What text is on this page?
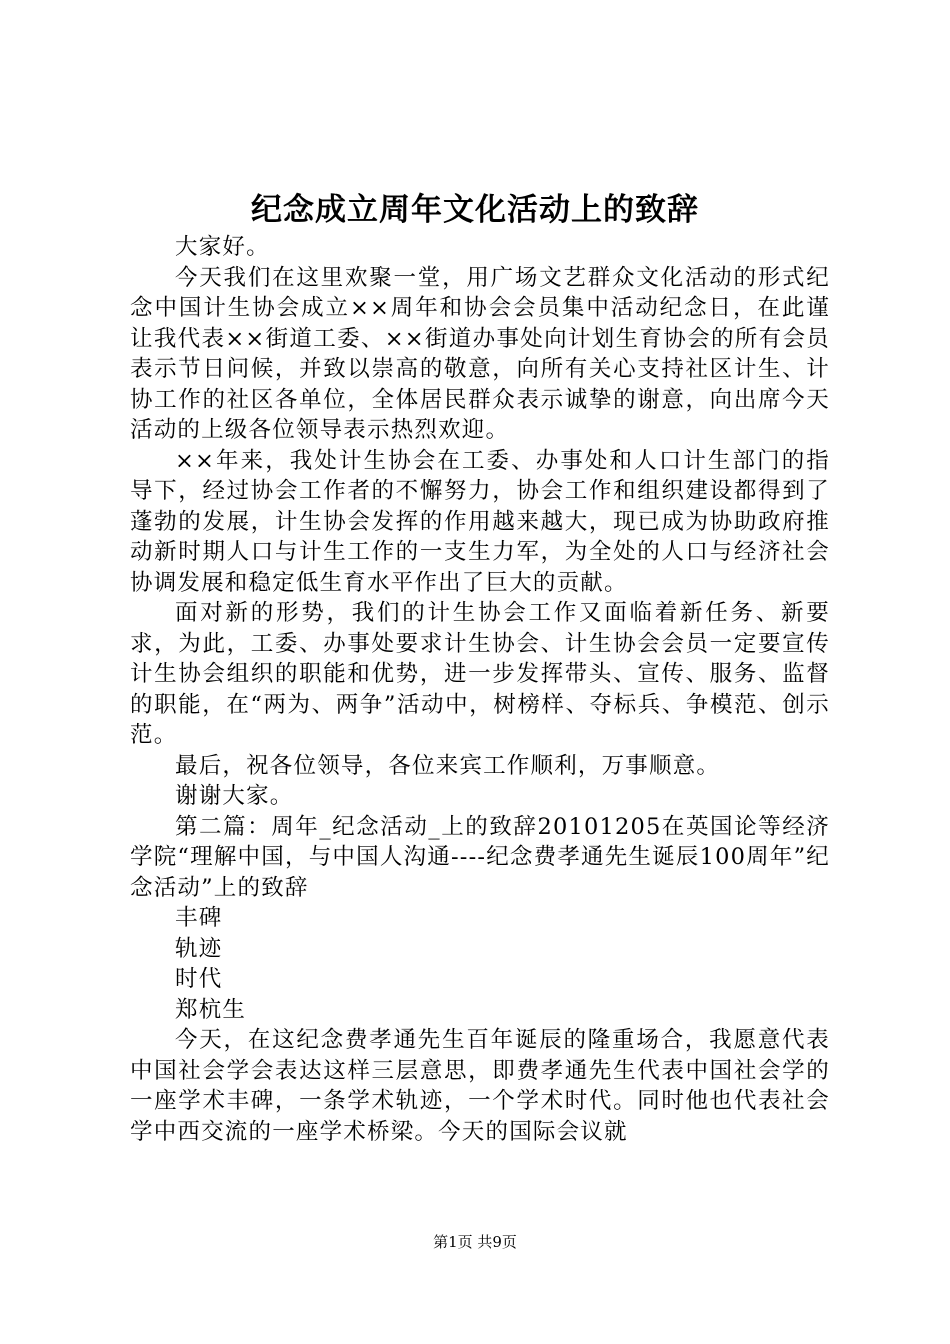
纪念成立周年文化活动上的致辞

大家好。

今天我们在这里欢聚一堂，用广场文艺群众文化活动的形式纪念中国计生协会成立××周年和协会会员集中活动纪念日，在此谨让我代表××街道工委、××街道办事处向计划生育协会的所有会员表示节日问候，并致以崇高的敬意，向所有关心支持社区计生、计协工作的社区各单位，全体居民群众表示诚挚的谢意，向出席今天活动的上级各位领导表示热烈欢迎。

××年来，我处计生协会在工委、办事处和人口计生部门的指导下，经过协会工作者的不懈努力，协会工作和组织建设都得到了蓬勃的发展，计生协会发挥的作用越来越大，现已成为协助政府推动新时期人口与计生工作的一支生力军，为全处的人口与经济社会协调发展和稳定低生育水平作出了巨大的贡献。

面对新的形势，我们的计生协会工作又面临着新任务、新要求，为此，工委、办事处要求计生协会、计生协会会员一定要宣传计生协会组织的职能和优势，进一步发挥带头、宣传、服务、监督的职能，在“两为、两争”活动中，树榜样、夺标兵、争模范、创示范。

最后，祝各位领导，各位来宾工作顺利，万事顺意。

谢谢大家。

第二篇：周年_纪念活动_上的致辞20101205在英国论等经济学院“理解中国，与中国人沟通----纪念费孝通先生诞辰100周年”纪念活动”上的致辞

丰碑

轨迹

时代

郑杭生

今天，在这纪念费孝通先生百年诞辰的隆重场合，我愿意代表中国社会学会表达这样三层意思，即费孝通先生代表中国社会学的一座学术丰碑，一条学术轨迹，一个学术时代。同时他也代表社会学中西交流的一座学术桥梁。今天的国际会议就

第1页 共9页
